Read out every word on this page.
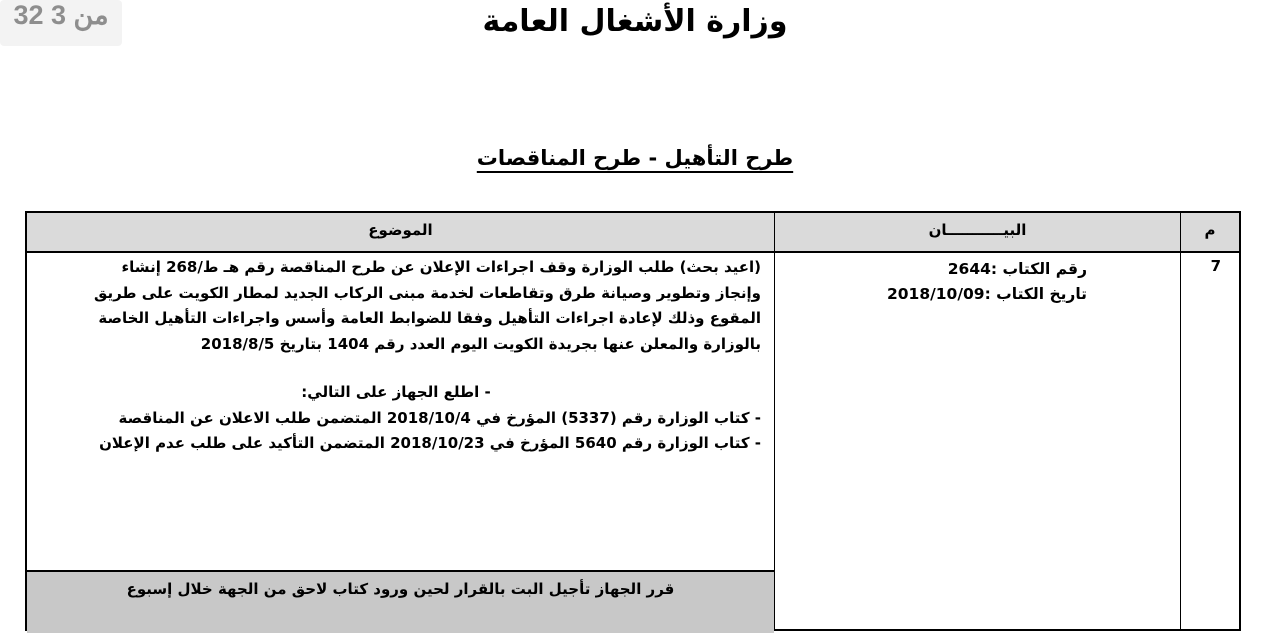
32 من 3	وزارة الأشغال العامة
طرح التأهيل - طرح المناقصات
م
البيـــــــــــان
الموضوع
7
رقم الكتاب :2644
تاريخ الكتاب :2018/10/09

(اعيد بحث) طلب الوزارة وقف اجراءات الإعلان عن طرح المناقصة رقم هـ ط/268 إنشاء

وإنجاز وتطوير وصيانة طرق وتقاطعات لخدمة مبنى الركاب الجديد لمطار الكويت على طريق

المقوع وذلك لإعادة اجراءات التأهيل وفقا للضوابط العامة وأسس واجراءات التأهيل الخاصة

بالوزارة والمعلن عنها بجريدة الكويت اليوم العدد رقم 1404 بتاريخ 2018/8/5

- اطلع الجهاز على التالي:

- كتاب الوزارة رقم (5337) المؤرخ في 2018/10/4 المتضمن طلب الاعلان عن المناقصة

- كتاب الوزارة رقم 5640 المؤرخ في 2018/10/23 المتضمن التأكيد على طلب عدم الإعلان

قرر الجهاز تأجيل البت بالقرار لحين ورود كتاب لاحق من الجهة خلال إسبوع
